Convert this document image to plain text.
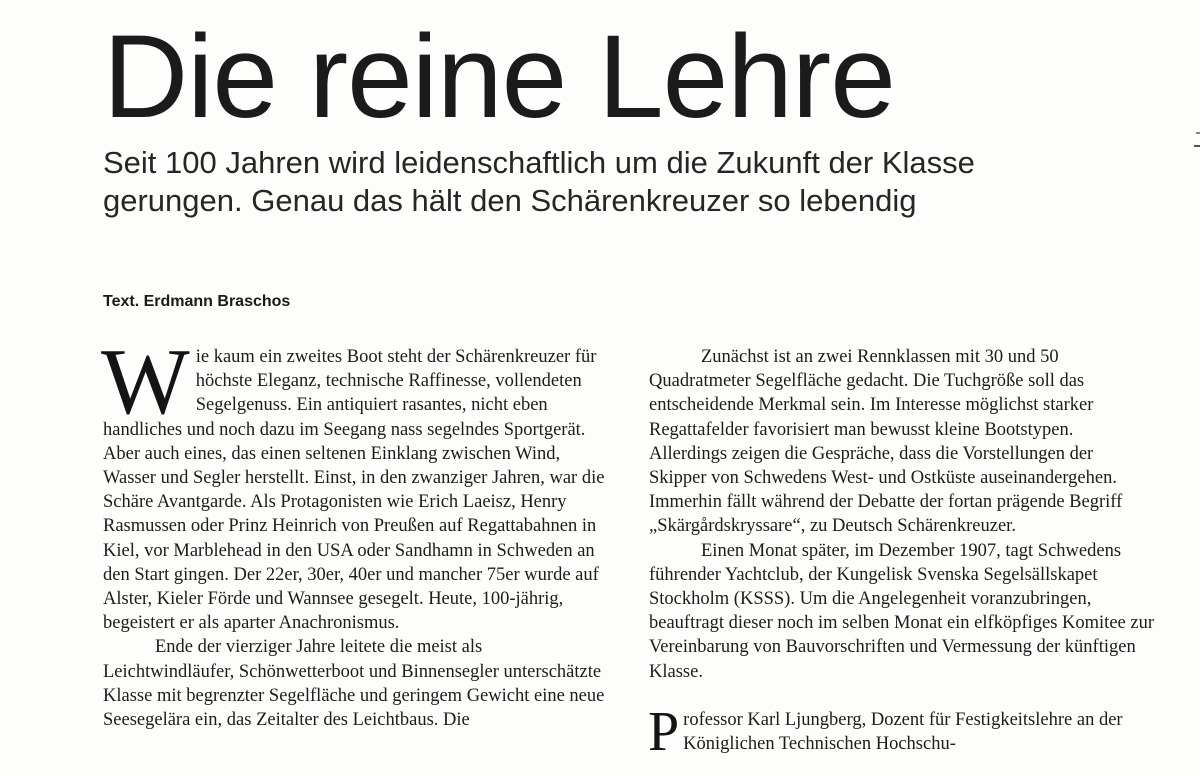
Die reine Lehre
Seit 100 Jahren wird leidenschaftlich um die Zukunft der Klasse gerungen. Genau das hält den Schärenkreuzer so lebendig

Text. Erdmann Braschos

Wie kaum ein zweites Boot steht der Schärenkreuzer für höchste Eleganz, technische Raffinesse, vollendeten Segelgenuss. Ein antiquiert rasantes, nicht eben handliches und noch dazu im Seegang nass segelndes Sportgerät. Aber auch eines, das einen seltenen Einklang zwischen Wind, Wasser und Segler herstellt. Einst, in den zwanziger Jahren, war die Schäre Avantgarde. Als Protagonisten wie Erich Laeisz, Henry Rasmussen oder Prinz Heinrich von Preußen auf Regattabahnen in Kiel, vor Marblehead in den USA oder Sandhamn in Schweden an den Start gingen. Der 22er, 30er, 40er und mancher 75er wurde auf Alster, Kieler Förde und Wannsee gesegelt. Heute, 100-jährig, begeistert er als aparter Anachronismus.

Ende der vierziger Jahre leitete die meist als Leichtwindläufer, Schönwetterboot und Binnensegler unterschätzte Klasse mit begrenzter Segelfläche und geringem Gewicht eine neue Seesegelära ein, das Zeitalter des Leichtbaus. Die

Zunächst ist an zwei Rennklassen mit 30 und 50 Quadratmeter Segelfläche gedacht. Die Tuchgröße soll das entscheidende Merkmal sein. Im Interesse möglichst starker Regattafelder favorisiert man bewusst kleine Bootstypen. Allerdings zeigen die Gespräche, dass die Vorstellungen der Skipper von Schwedens West- und Ostküste auseinandergehen. Immerhin fällt während der Debatte der fortan prägende Begriff „Skärgårdskryssare“, zu Deutsch Schärenkreuzer.

Einen Monat später, im Dezember 1907, tagt Schwedens führender Yachtclub, der Kungelisk Svenska Segelsällskapet Stockholm (KSSS). Um die Angelegenheit voranzubringen, beauftragt dieser noch im selben Monat ein elfköpfiges Komitee zur Vereinbarung von Bauvorschriften und Vermessung der künftigen Klasse.

Professor Karl Ljungberg, Dozent für Festigkeitslehre an der Königlichen Technischen Hochschu-
